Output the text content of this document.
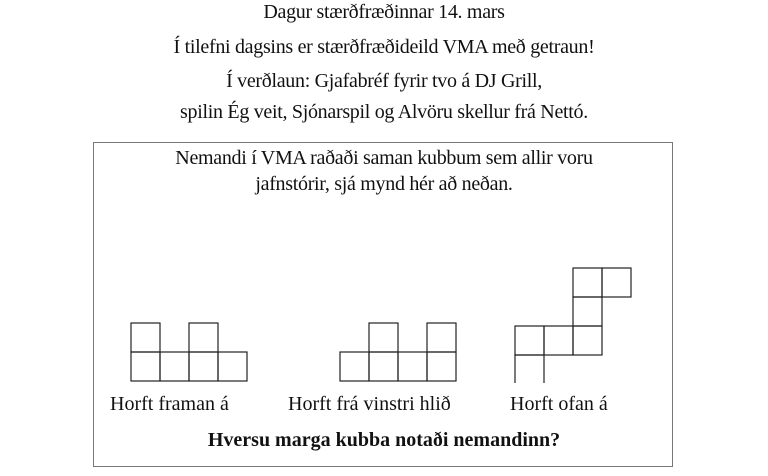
Dagur stærðfræðinnar 14. mars
Í tilefni dagsins er stærðfræðideild VMA með getraun!
Í verðlaun: Gjafabréf fyrir tvo á DJ Grill,
spilin Ég veit, Sjónarspil og Alvöru skellur frá Nettó.
Nemandi í VMA raðaði saman kubbum sem allir voru
jafnstórir, sjá mynd hér að neðan.
Horft framan á	Horft frá vinstri hlið	Horft ofan á
Hversu marga kubba notaði nemandinn?
